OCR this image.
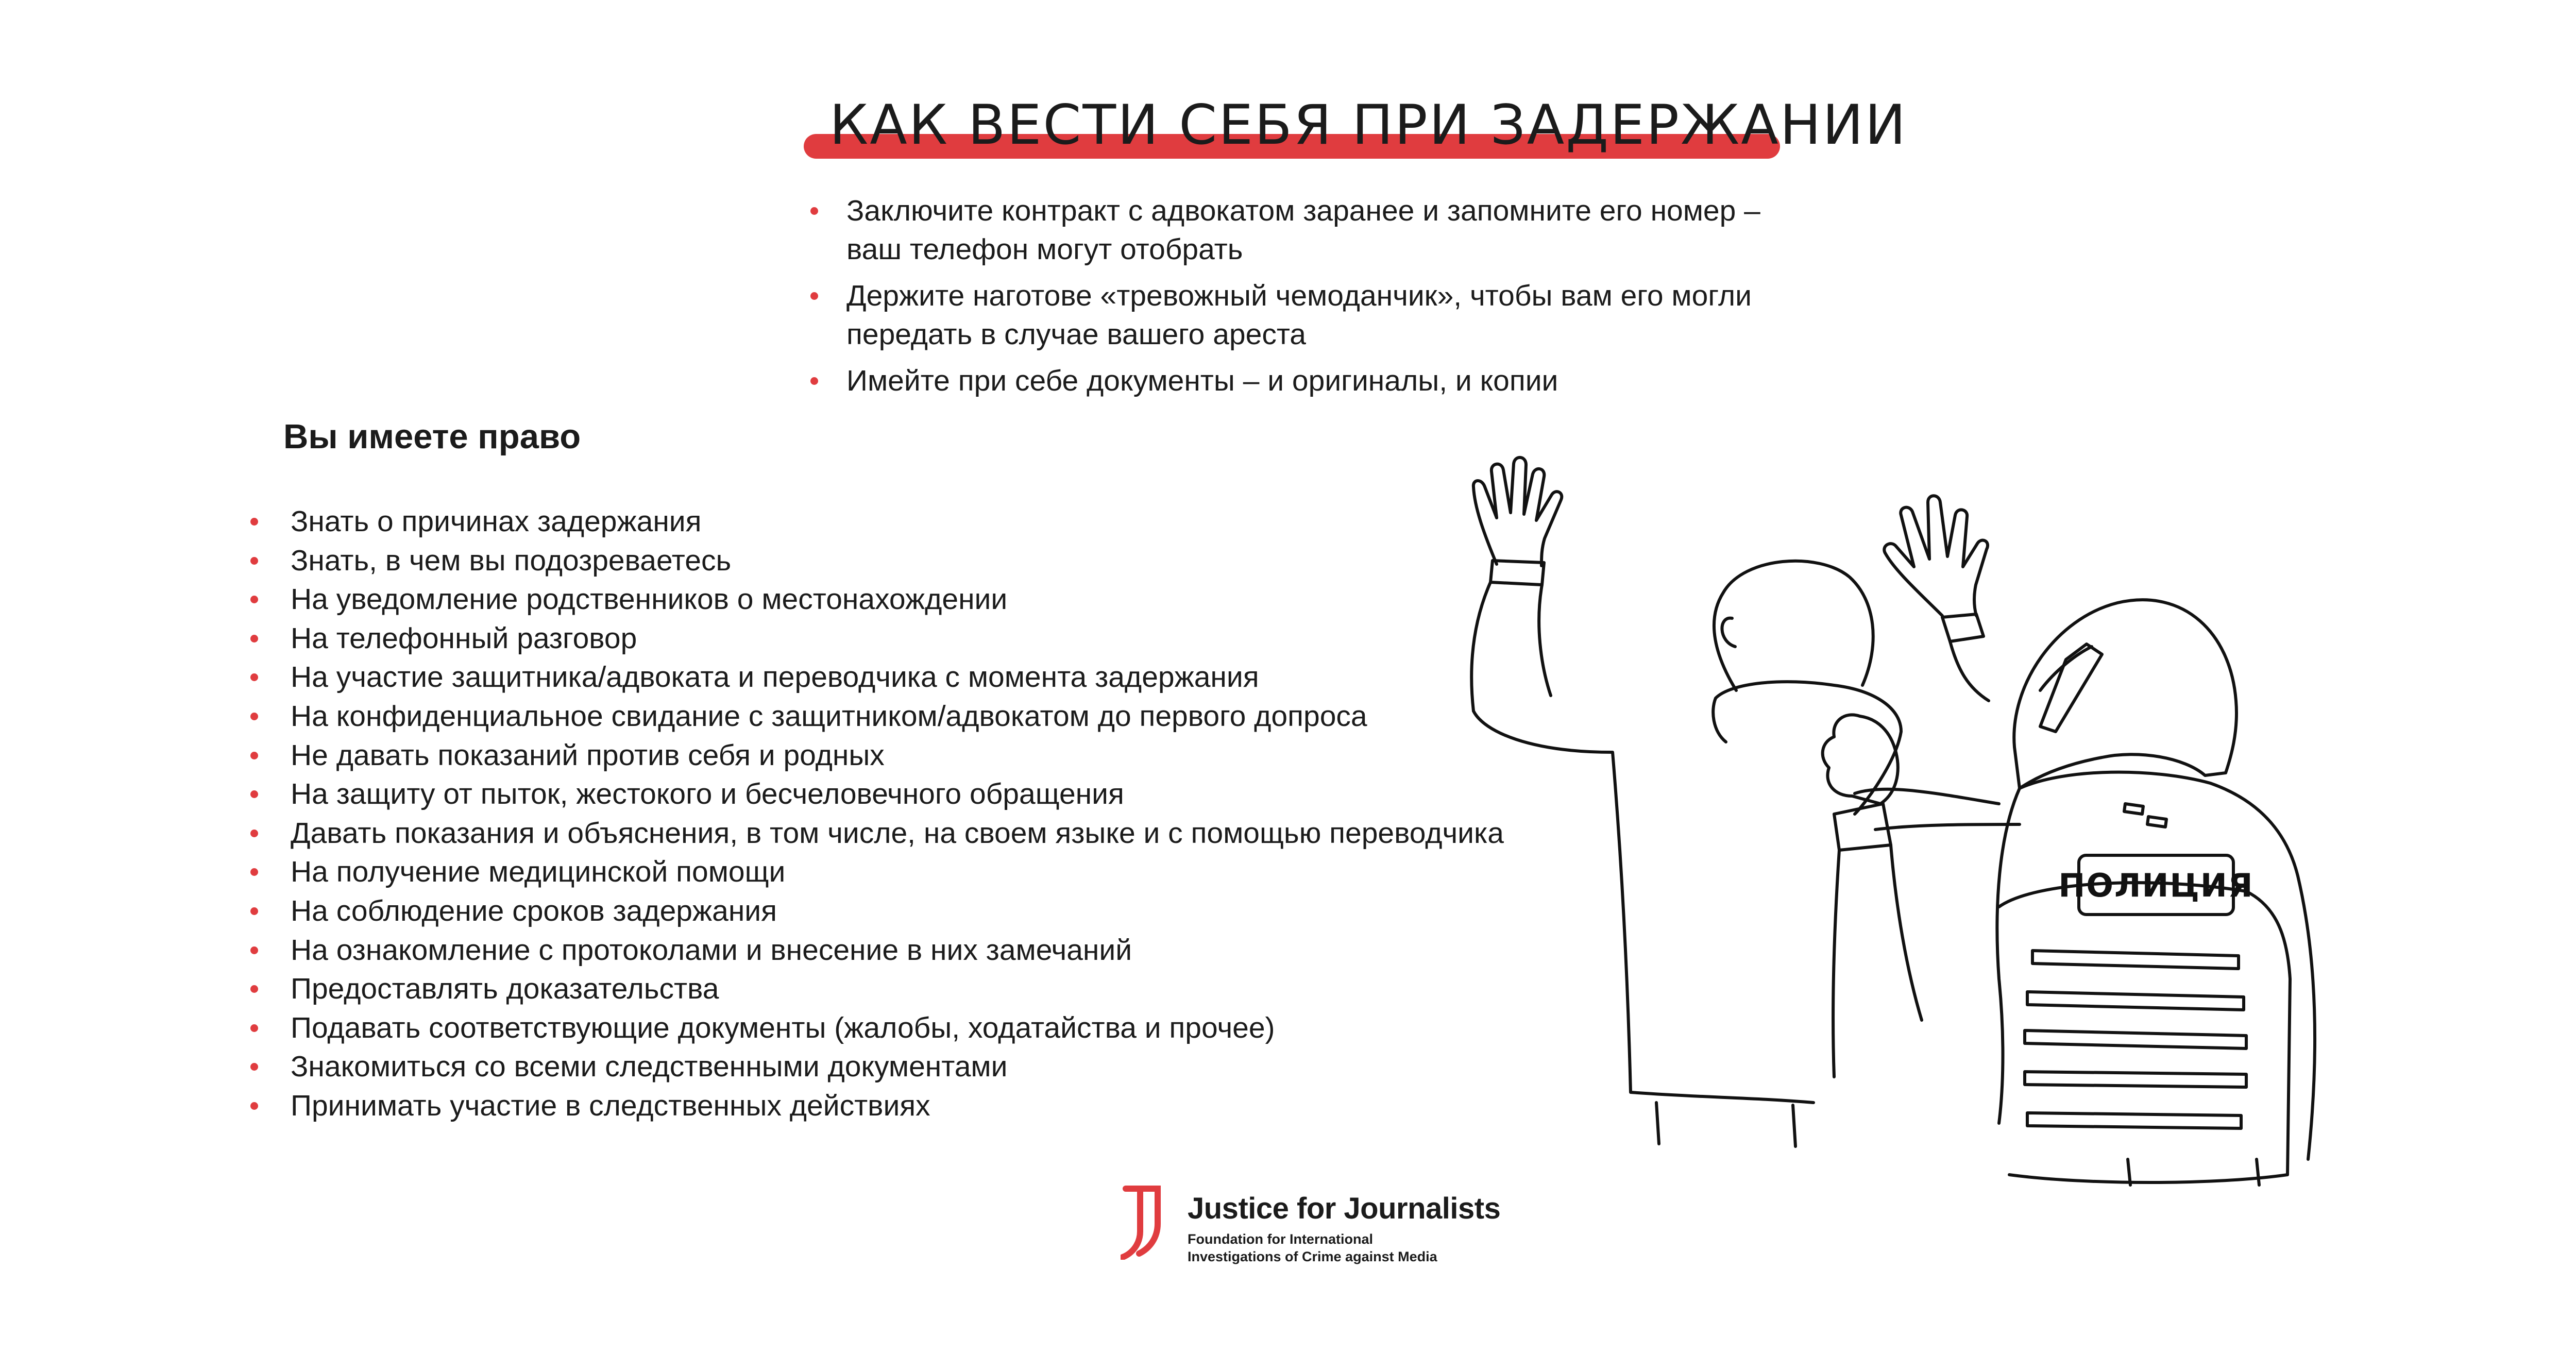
КАК ВЕСТИ СЕБЯ ПРИ ЗАДЕРЖАНИИ
Заключите контракт с адвокатом заранее и запомните его номер –
ваш телефон могут отобрать
Держите наготове «тревожный чемоданчик», чтобы вам его могли
передать в случае вашего ареста
Имейте при себе документы – и оригиналы, и копии
Вы имеете право
Знать о причинах задержания
Знать, в чем вы подозреваетесь
На уведомление родственников о местонахождении
На телефонный разговор
На участие защитника/адвоката и переводчика с момента задержания
На конфиденциальное свидание с защитником/адвокатом до первого допроса
Не давать показаний против себя и родных
На защиту от пыток, жестокого и бесчеловечного обращения
Давать показания и объяснения, в том числе, на своем языке и с помощью переводчика
На получение медицинской помощи
На соблюдение сроков задержания
На ознакомление с протоколами и внесение в них замечаний
Предоставлять доказательства
Подавать соответствующие документы (жалобы, ходатайства и прочее)
Знакомиться со всеми следственными документами
Принимать участие в следственных действиях
ПОЛИЦИЯ
Justice for Journalists
Foundation for International
Investigations of Crime against Media
